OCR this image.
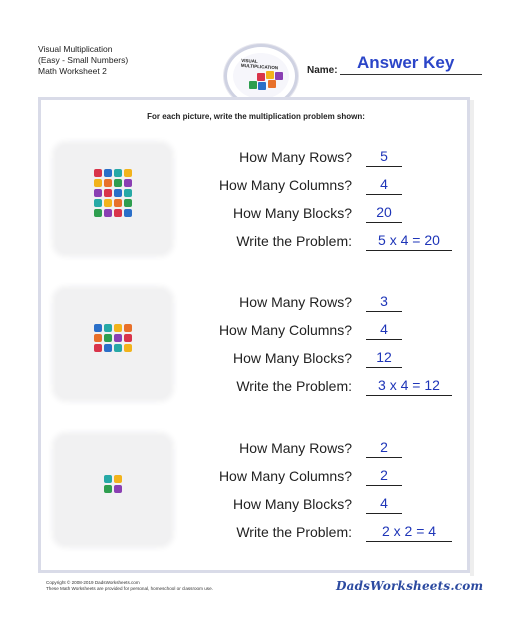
Visual Multiplication
(Easy - Small Numbers)
Math Worksheet 2
VISUAL MULTIPLICATION	Name: Answer Key
For each picture, write the multiplication problem shown:
How Many Rows?	5
How Many Columns?	4
How Many Blocks?	20
Write the Problem:	5 x 4 = 20
How Many Rows?	3
How Many Columns?	4
How Many Blocks?	12
Write the Problem:	3 x 4 = 12
How Many Rows?	2
How Many Columns?	2
How Many Blocks?	4
Write the Problem:	2 x 2 = 4
Copyright © 2008-2019 DadsWorksheets.com
These Math Worksheets are provided for personal, homeschool or classroom use.	DadsWorksheets.com
